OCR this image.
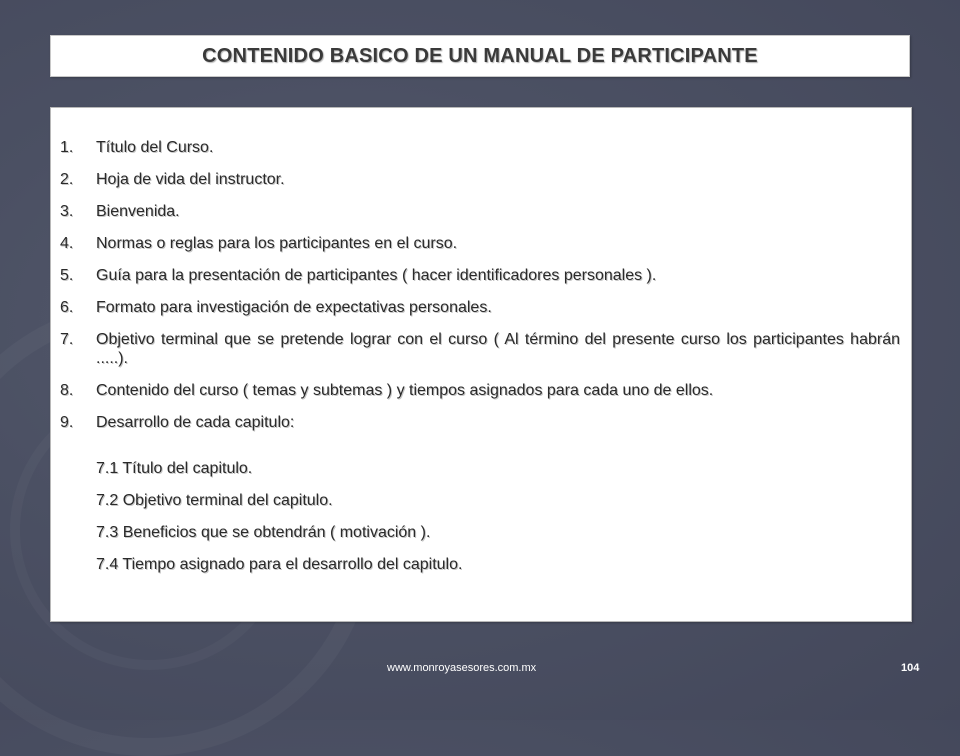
CONTENIDO BASICO DE UN MANUAL DE PARTICIPANTE
1.	Título del Curso.
2.	Hoja de vida del instructor.
3.	Bienvenida.
4.	Normas o reglas para los participantes en el curso.
5.	Guía para la presentación de participantes ( hacer identificadores personales ).
6.	Formato para investigación de expectativas personales.
7.	Objetivo terminal que se pretende lograr con el curso ( Al término del presente curso los participantes habrán .....).
8.	Contenido del curso ( temas y subtemas ) y tiempos asignados para cada uno de ellos.
9.	Desarrollo de cada capitulo:
7.1 Título del capitulo.
7.2 Objetivo terminal del capitulo.
7.3 Beneficios que se obtendrán ( motivación ).
7.4 Tiempo asignado para el desarrollo del capitulo.
www.monroyasesores.com.mx	104
